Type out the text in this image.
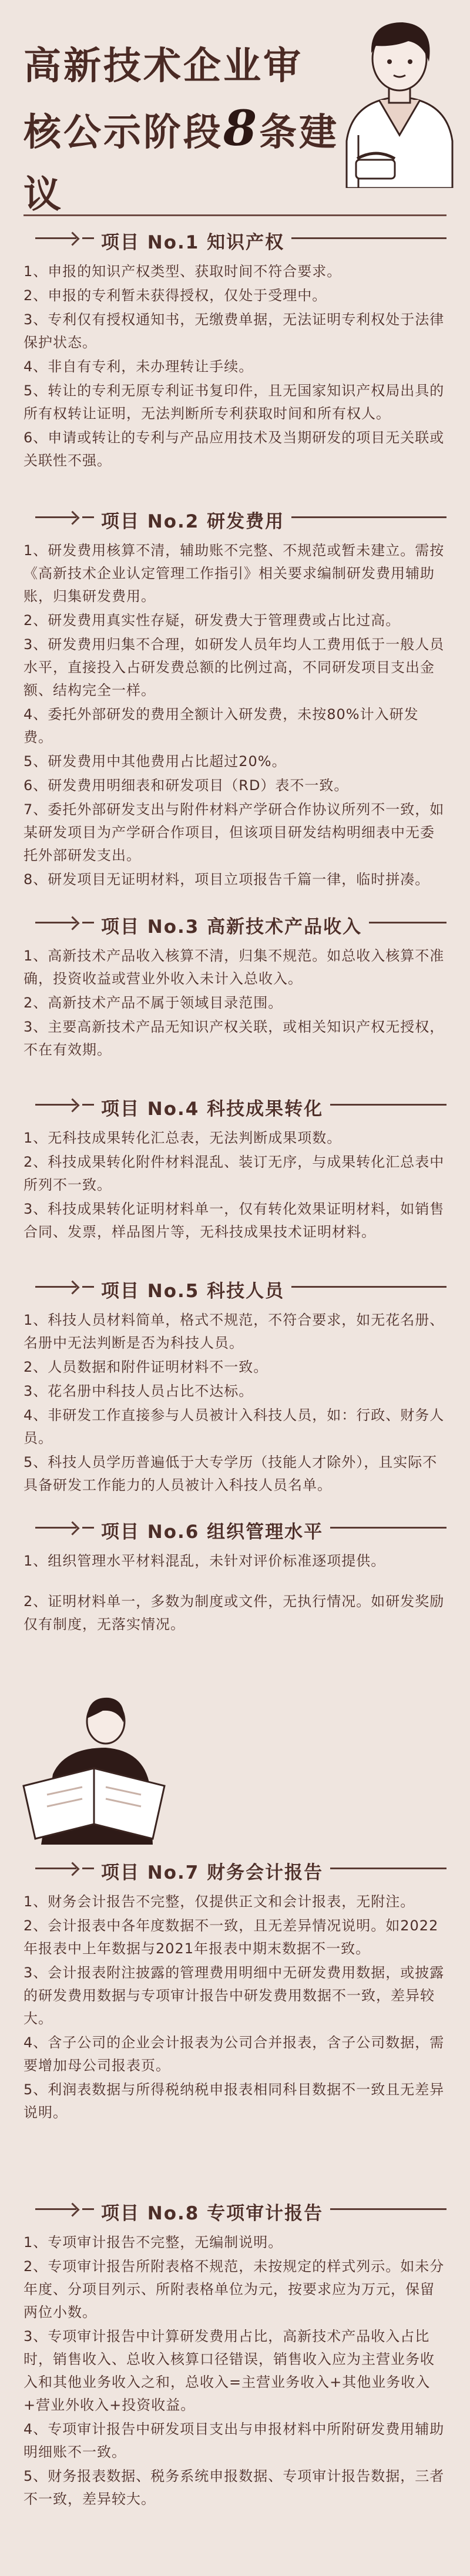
高新技术企业审
核公示阶段8条建议
项目 No.1 知识产权
1、申报的知识产权类型、获取时间不符合要求。
2、申报的专利暂未获得授权，仅处于受理中。
3、专利仅有授权通知书，无缴费单据，无法证明专利权处于法律保护状态。
4、非自有专利，未办理转让手续。
5、转让的专利无原专利证书复印件，且无国家知识产权局出具的所有权转让证明，无法判断所专利获取时间和所有权人。
6、申请或转让的专利与产品应用技术及当期研发的项目无关联或关联性不强。
项目 No.2 研发费用
1、研发费用核算不清，辅助账不完整、不规范或暂未建立。需按《高新技术企业认定管理工作指引》相关要求编制研发费用辅助账，归集研发费用。
2、研发费用真实性存疑，研发费大于管理费或占比过高。
3、研发费用归集不合理，如研发人员年均人工费用低于一般人员水平，直接投入占研发费总额的比例过高，不同研发项目支出金额、结构完全一样。
4、委托外部研发的费用全额计入研发费，未按80%计入研发费。
5、研发费用中其他费用占比超过20%。
6、研发费用明细表和研发项目（RD）表不一致。
7、委托外部研发支出与附件材料产学研合作协议所列不一致，如某研发项目为产学研合作项目，但该项目研发结构明细表中无委托外部研发支出。
8、研发项目无证明材料，项目立项报告千篇一律，临时拼凑。
项目 No.3 高新技术产品收入
1、高新技术产品收入核算不清，归集不规范。如总收入核算不准确，投资收益或营业外收入未计入总收入。
2、高新技术产品不属于领域目录范围。
3、主要高新技术产品无知识产权关联，或相关知识产权无授权，不在有效期。
项目 No.4 科技成果转化
1、无科技成果转化汇总表，无法判断成果项数。
2、科技成果转化附件材料混乱、装订无序，与成果转化汇总表中所列不一致。
3、科技成果转化证明材料单一，仅有转化效果证明材料，如销售合同、发票，样品图片等，无科技成果技术证明材料。
项目 No.5 科技人员
1、科技人员材料简单，格式不规范，不符合要求，如无花名册、名册中无法判断是否为科技人员。
2、人员数据和附件证明材料不一致。
3、花名册中科技人员占比不达标。
4、非研发工作直接参与人员被计入科技人员，如：行政、财务人员。
5、科技人员学历普遍低于大专学历（技能人才除外），且实际不具备研发工作能力的人员被计入科技人员名单。
项目 No.6 组织管理水平
1、组织管理水平材料混乱，未针对评价标准逐项提供。
2、证明材料单一，多数为制度或文件，无执行情况。如研发奖励仅有制度，无落实情况。
项目 No.7 财务会计报告
1、财务会计报告不完整，仅提供正文和会计报表，无附注。
2、会计报表中各年度数据不一致，且无差异情况说明。如2022年报表中上年数据与2021年报表中期末数据不一致。
3、会计报表附注披露的管理费用明细中无研发费用数据，或披露的研发费用数据与专项审计报告中研发费用数据不一致，差异较大。
4、含子公司的企业会计报表为公司合并报表，含子公司数据，需要增加母公司报表页。
5、利润表数据与所得税纳税申报表相同科目数据不一致且无差异说明。
项目 No.8 专项审计报告
1、专项审计报告不完整，无编制说明。
2、专项审计报告所附表格不规范，未按规定的样式列示。如未分年度、分项目列示、所附表格单位为元，按要求应为万元，保留两位小数。
3、专项审计报告中计算研发费用占比，高新技术产品收入占比时，销售收入、总收入核算口径错误，销售收入应为主营业务收入和其他业务收入之和，总收入=主营业务收入+其他业务收入+营业外收入+投资收益。
4、专项审计报告中研发项目支出与申报材料中所附研发费用辅助明细账不一致。
5、财务报表数据、税务系统申报数据、专项审计报告数据，三者不一致，差异较大。
